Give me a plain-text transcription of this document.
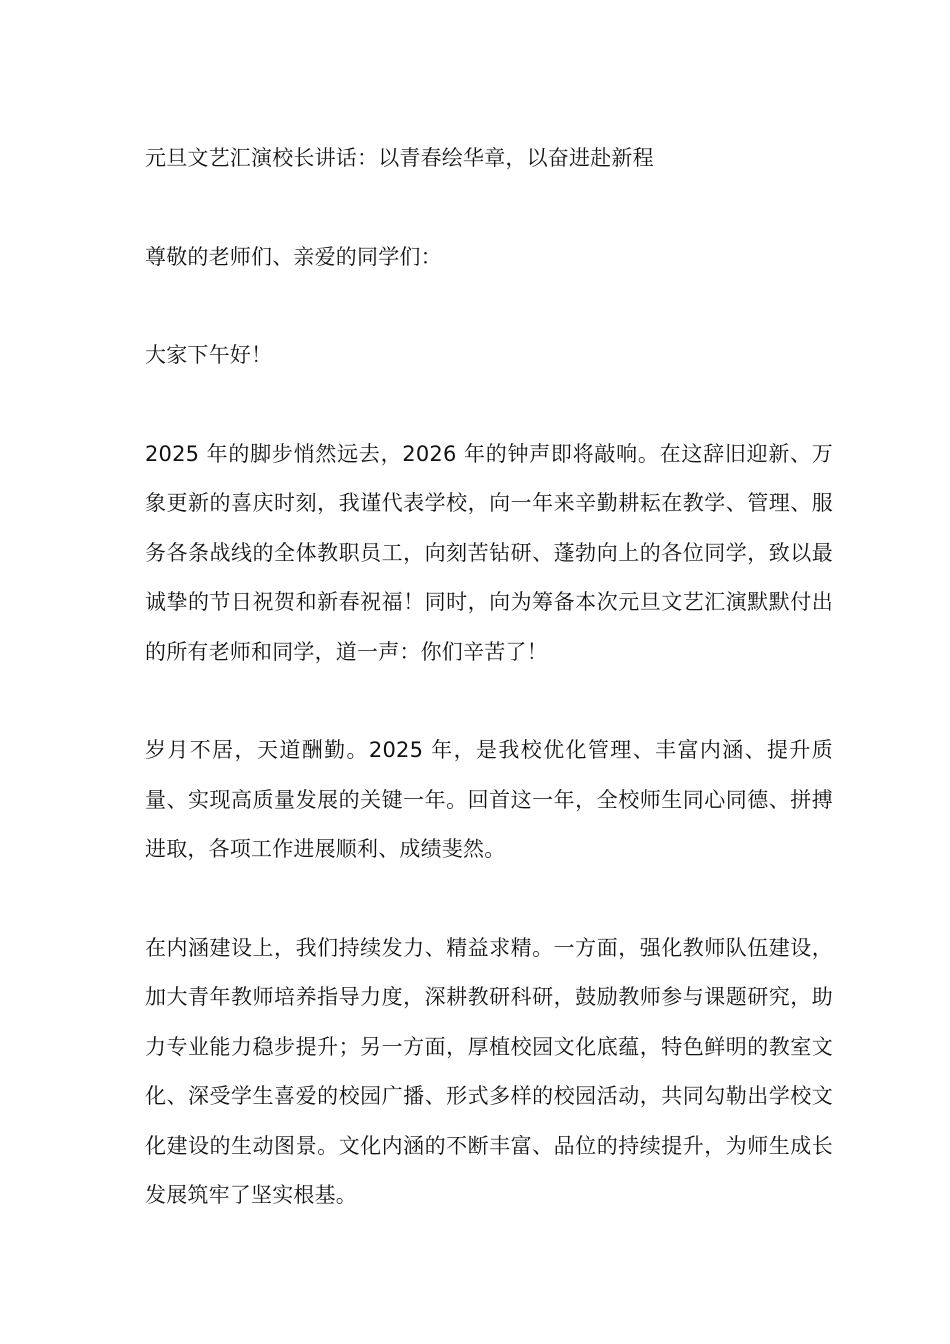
元旦文艺汇演校长讲话：以青春绘华章，以奋进赴新程

尊敬的老师们、亲爱的同学们：

大家下午好！

2025 年的脚步悄然远去，2026 年的钟声即将敲响。在这辞旧迎新、万象更新的喜庆时刻，我谨代表学校，向一年来辛勤耕耘在教学、管理、服务各条战线的全体教职员工，向刻苦钻研、蓬勃向上的各位同学，致以最诚挚的节日祝贺和新春祝福！同时，向为筹备本次元旦文艺汇演默默付出的所有老师和同学，道一声：你们辛苦了！

岁月不居，天道酬勤。2025 年，是我校优化管理、丰富内涵、提升质量、实现高质量发展的关键一年。回首这一年，全校师生同心同德、拼搏进取，各项工作进展顺利、成绩斐然。

在内涵建设上，我们持续发力、精益求精。一方面，强化教师队伍建设，加大青年教师培养指导力度，深耕教研科研，鼓励教师参与课题研究，助力专业能力稳步提升；另一方面，厚植校园文化底蕴，特色鲜明的教室文化、深受学生喜爱的校园广播、形式多样的校园活动，共同勾勒出学校文化建设的生动图景。文化内涵的不断丰富、品位的持续提升，为师生成长发展筑牢了坚实根基。
